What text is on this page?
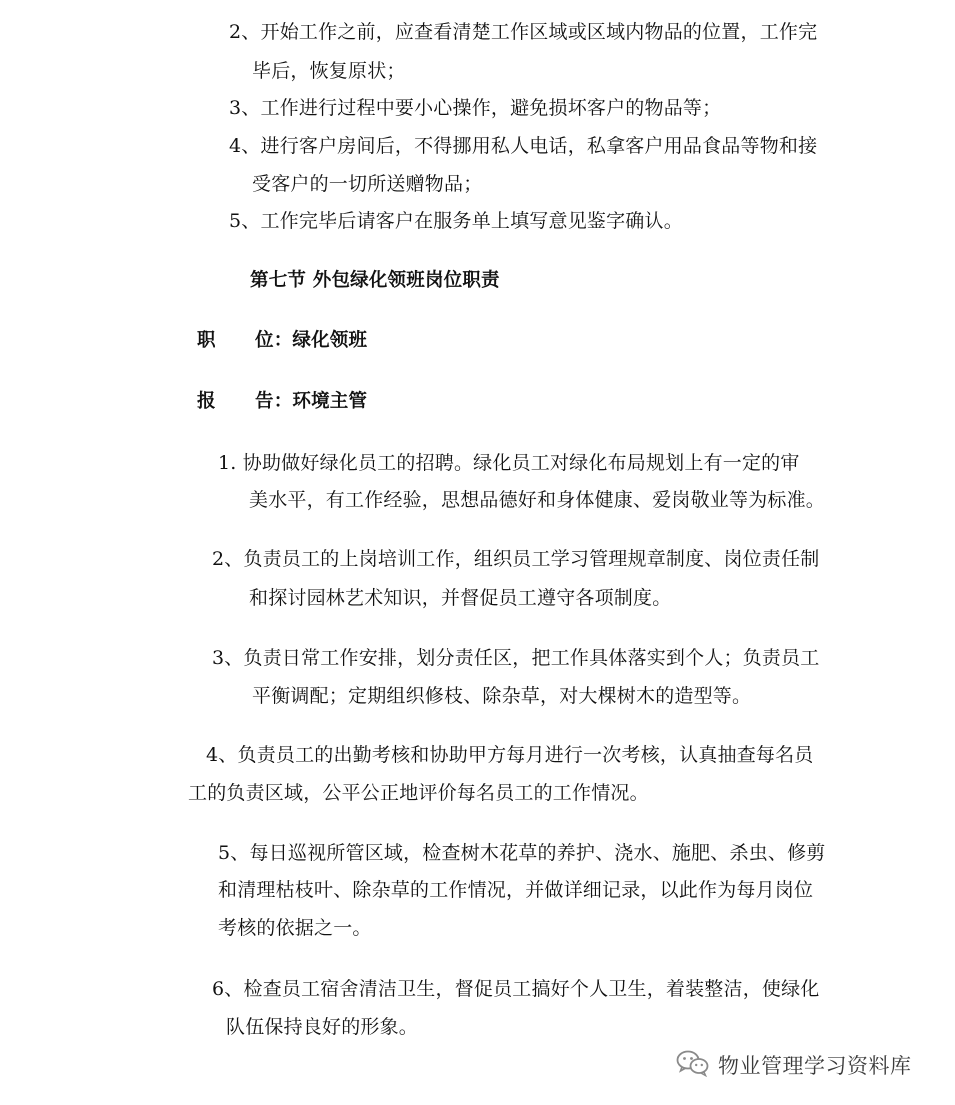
2、开始工作之前，应查看清楚工作区域或区域内物品的位置，工作完
毕后，恢复原状；
3、工作进行过程中要小心操作，避免损坏客户的物品等；
4、进行客户房间后，不得挪用私人电话，私拿客户用品食品等物和接
受客户的一切所送赠物品；
5、工作完毕后请客户在服务单上填写意见鉴字确认。
第七节 外包绿化领班岗位职责
职 位：绿化领班
报 告：环境主管
1. 协助做好绿化员工的招聘。绿化员工对绿化布局规划上有一定的审
美水平，有工作经验，思想品德好和身体健康、爱岗敬业等为标准。
2、负责员工的上岗培训工作，组织员工学习管理规章制度、岗位责任制
和探讨园林艺术知识，并督促员工遵守各项制度。
3、负责日常工作安排，划分责任区，把工作具体落实到个人；负责员工
平衡调配；定期组织修枝、除杂草，对大棵树木的造型等。
4、负责员工的出勤考核和协助甲方每月进行一次考核，认真抽查每名员
工的负责区域，公平公正地评价每名员工的工作情况。
5、每日巡视所管区域，检查树木花草的养护、浇水、施肥、杀虫、修剪
和清理枯枝叶、除杂草的工作情况，并做详细记录，以此作为每月岗位
考核的依据之一。
6、检查员工宿舍清洁卫生，督促员工搞好个人卫生，着装整洁，使绿化
队伍保持良好的形象。
物业管理学习资料库
